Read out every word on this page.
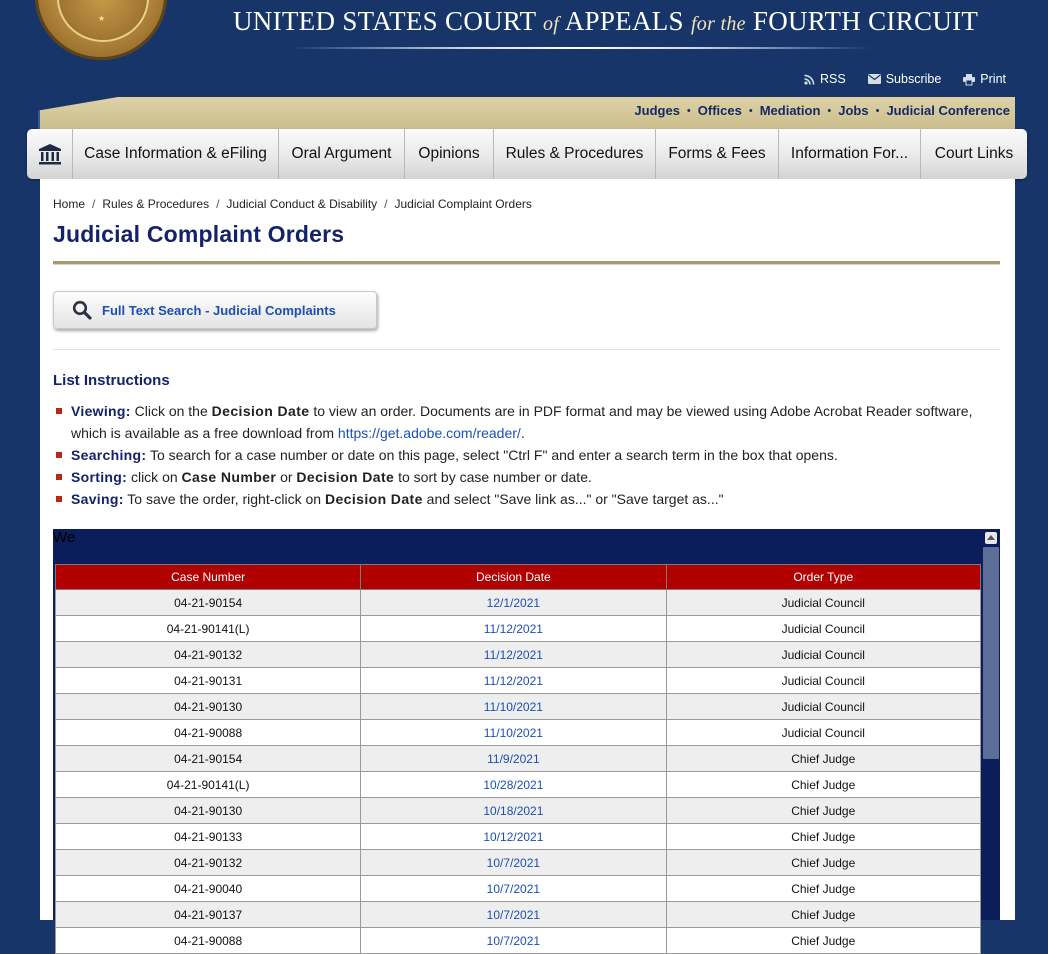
★	UNITED STATES COURT of APPEALS for the FOURTH CIRCUIT
RSS	Subscribe	Print
Judges • Offices • Mediation • Jobs • Judicial Conference
Case Information & eFiling	Oral Argument	Opinions	Rules & Procedures	Forms & Fees	Information For...	Court Links
Home / Rules & Procedures / Judicial Conduct & Disability / Judicial Complaint Orders
Judicial Complaint Orders
Full Text Search - Judicial Complaints
List Instructions
Viewing: Click on the Decision Date to view an order. Documents are in PDF format and may be viewed using Adobe Acrobat Reader software, which is available as a free download from https://get.adobe.com/reader/.
Searching: To search for a case number or date on this page, select "Ctrl F" and enter a search term in the box that opens.
Sorting: click on Case Number or Decision Date to sort by case number or date.
Saving: To save the order, right-click on Decision Date and select "Save link as..." or "Save target as..."
We
Case Number	Decision Date	Order Type
04-21-90154	12/1/2021	Judicial Council
04-21-90141(L)	11/12/2021	Judicial Council
04-21-90132	11/12/2021	Judicial Council
04-21-90131	11/12/2021	Judicial Council
04-21-90130	11/10/2021	Judicial Council
04-21-90088	11/10/2021	Judicial Council
04-21-90154	11/9/2021	Chief Judge
04-21-90141(L)	10/28/2021	Chief Judge
04-21-90130	10/18/2021	Chief Judge
04-21-90133	10/12/2021	Chief Judge
04-21-90132	10/7/2021	Chief Judge
04-21-90040	10/7/2021	Chief Judge
04-21-90137	10/7/2021	Chief Judge
04-21-90088	10/7/2021	Chief Judge
